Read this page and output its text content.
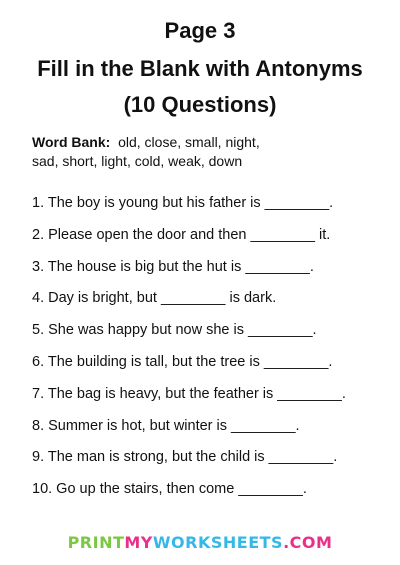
Page 3
Fill in the Blank with Antonyms
(10 Questions)
Word Bank: old, close, small, night,
sad, short, light, cold, weak, down
1. The boy is young but his father is ________.
2. Please open the door and then ________ it.
3. The house is big but the hut is ________.
4. Day is bright, but ________ is dark.
5. She was happy but now she is ________.
6. The building is tall, but the tree is ________.
7. The bag is heavy, but the feather is ________.
8. Summer is hot, but winter is ________.
9. The man is strong, but the child is ________.
10. Go up the stairs, then come ________.
PRINTMYWORKSHEETS.COM
